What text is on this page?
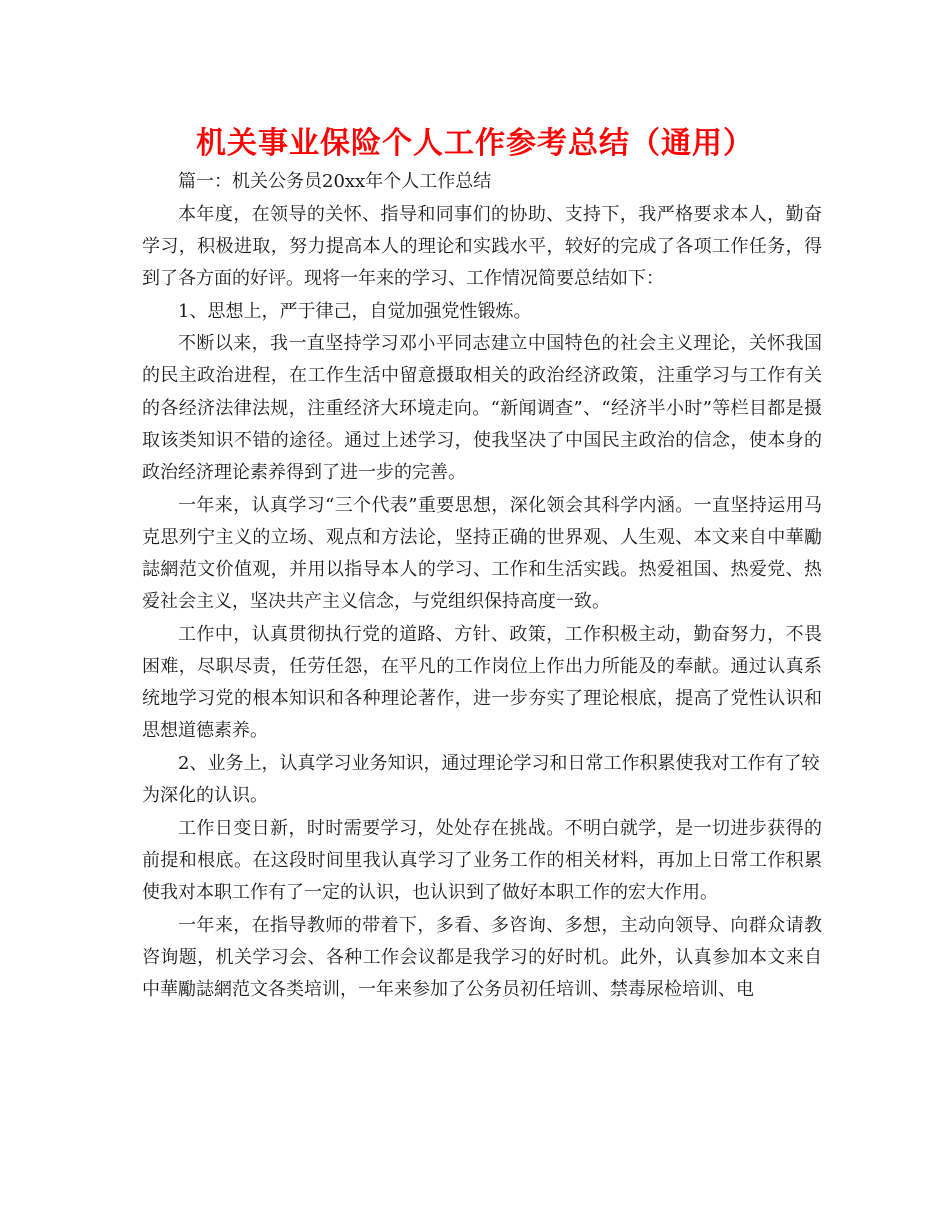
机关事业保险个人工作参考总结（通用）

篇一：机关公务员20xx年个人工作总结

本年度，在领导的关怀、指导和同事们的协助、支持下，我严格要求本人，勤奋学习，积极进取，努力提高本人的理论和实践水平，较好的完成了各项工作任务，得到了各方面的好评。现将一年来的学习、工作情况简要总结如下：

1、思想上，严于律己，自觉加强党性锻炼。

不断以来，我一直坚持学习邓小平同志建立中国特色的社会主义理论，关怀我国的民主政治进程，在工作生活中留意摄取相关的政治经济政策，注重学习与工作有关的各经济法律法规，注重经济大环境走向。“新闻调查”、“经济半小时”等栏目都是摄取该类知识不错的途径。通过上述学习，使我坚决了中国民主政治的信念，使本身的政治经济理论素养得到了进一步的完善。

一年来，认真学习“三个代表”重要思想，深化领会其科学内涵。一直坚持运用马克思列宁主义的立场、观点和方法论，坚持正确的世界观、人生观、本文来自中華勵誌網范文价值观，并用以指导本人的学习、工作和生活实践。热爱祖国、热爱党、热爱社会主义，坚决共产主义信念，与党组织保持高度一致。

工作中，认真贯彻执行党的道路、方针、政策，工作积极主动，勤奋努力，不畏困难，尽职尽责，任劳任怨，在平凡的工作岗位上作出力所能及的奉献。通过认真系统地学习党的根本知识和各种理论著作，进一步夯实了理论根底，提高了党性认识和思想道德素养。

2、业务上，认真学习业务知识，通过理论学习和日常工作积累使我对工作有了较为深化的认识。

工作日变日新，时时需要学习，处处存在挑战。不明白就学，是一切进步获得的前提和根底。在这段时间里我认真学习了业务工作的相关材料，再加上日常工作积累使我对本职工作有了一定的认识，也认识到了做好本职工作的宏大作用。

一年来，在指导教师的带着下，多看、多咨询、多想，主动向领导、向群众请教咨询题，机关学习会、各种工作会议都是我学习的好时机。此外，认真参加本文来自中華勵誌網范文各类培训，一年来参加了公务员初任培训、禁毒尿检培训、电
